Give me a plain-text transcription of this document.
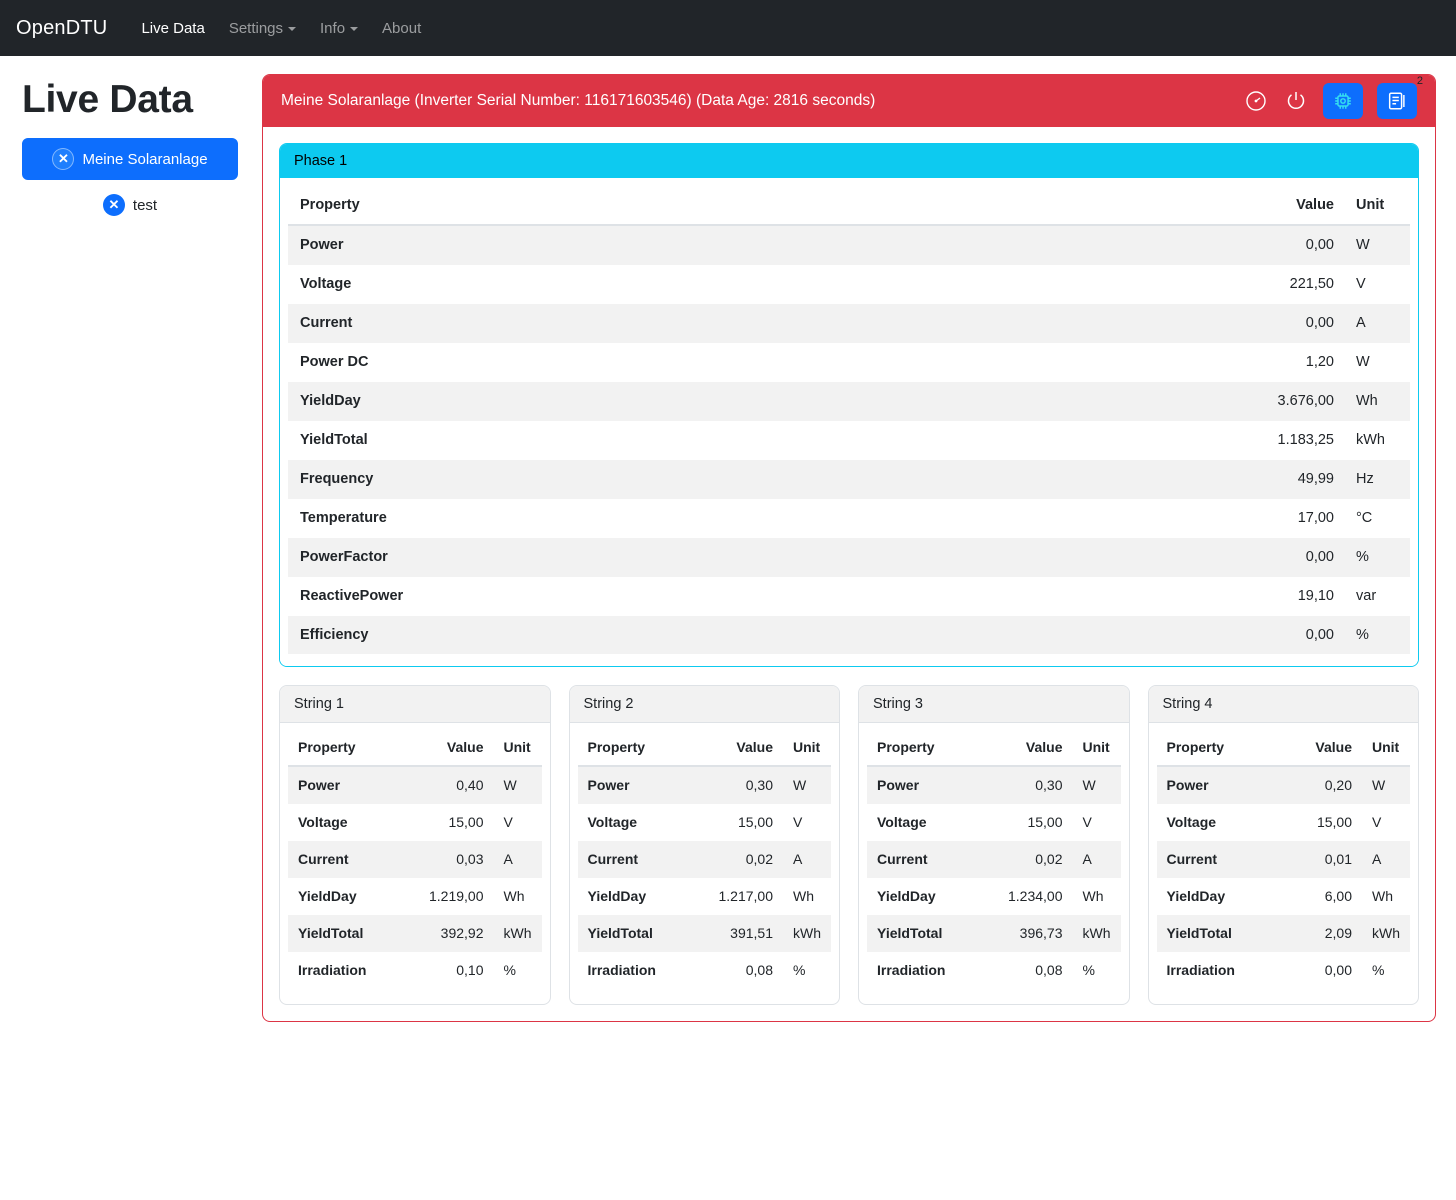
OpenDTU	Live Data	Settings	Info	About
Live Data
✕ Meine Solaranlage
✕ test
Meine Solaranlage (Inverter Serial Number: 116171603546) (Data Age: 2816 seconds)
2
Phase 1
Property	Value	Unit
Power	0,00	W
Voltage	221,50	V
Current	0,00	A
Power DC	1,20	W
YieldDay	3.676,00	Wh
YieldTotal	1.183,25	kWh
Frequency	49,99	Hz
Temperature	17,00	°C
PowerFactor	0,00	%
ReactivePower	19,10	var
Efficiency	0,00	%
String 1
Property	Value	Unit
Power	0,40	W
Voltage	15,00	V
Current	0,03	A
YieldDay	1.219,00	Wh
YieldTotal	392,92	kWh
Irradiation	0,10	%
String 2
Property	Value	Unit
Power	0,30	W
Voltage	15,00	V
Current	0,02	A
YieldDay	1.217,00	Wh
YieldTotal	391,51	kWh
Irradiation	0,08	%
String 3
Property	Value	Unit
Power	0,30	W
Voltage	15,00	V
Current	0,02	A
YieldDay	1.234,00	Wh
YieldTotal	396,73	kWh
Irradiation	0,08	%
String 4
Property	Value	Unit
Power	0,20	W
Voltage	15,00	V
Current	0,01	A
YieldDay	6,00	Wh
YieldTotal	2,09	kWh
Irradiation	0,00	%
